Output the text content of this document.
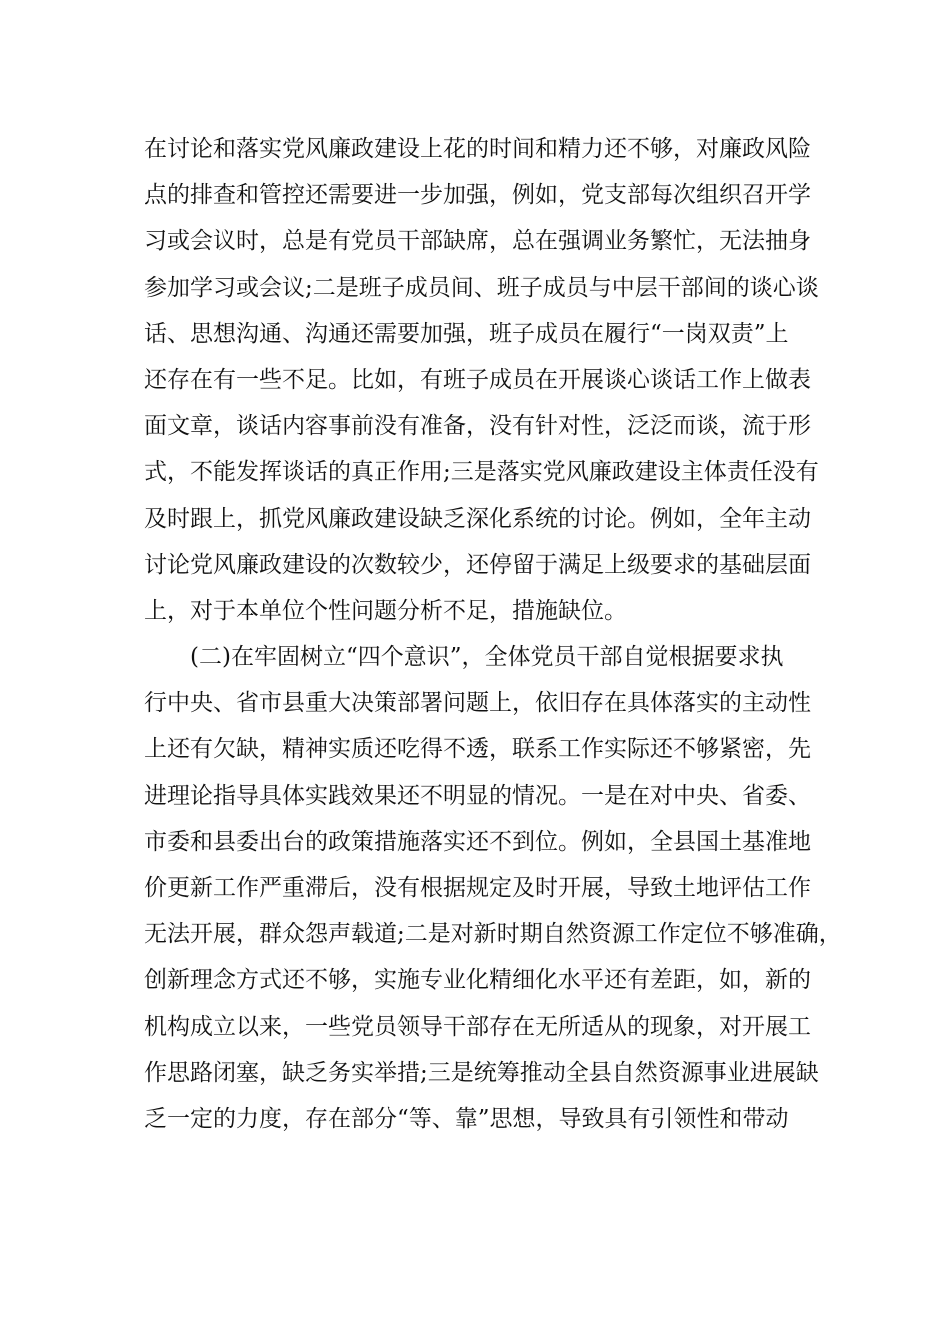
在讨论和落实党风廉政建设上花的时间和精力还不够，对廉政风险
点的排查和管控还需要进一步加强，例如，党支部每次组织召开学
习或会议时，总是有党员干部缺席，总在强调业务繁忙，无法抽身
参加学习或会议;二是班子成员间、班子成员与中层干部间的谈心谈
话、思想沟通、沟通还需要加强，班子成员在履行“一岗双责”上
还存在有一些不足。比如，有班子成员在开展谈心谈话工作上做表
面文章，谈话内容事前没有准备，没有针对性，泛泛而谈，流于形
式，不能发挥谈话的真正作用;三是落实党风廉政建设主体责任没有
及时跟上，抓党风廉政建设缺乏深化系统的讨论。例如，全年主动
讨论党风廉政建设的次数较少，还停留于满足上级要求的基础层面
上，对于本单位个性问题分析不足，措施缺位。
(二)在牢固树立“四个意识”，全体党员干部自觉根据要求执
行中央、省市县重大决策部署问题上，依旧存在具体落实的主动性
上还有欠缺，精神实质还吃得不透，联系工作实际还不够紧密，先
进理论指导具体实践效果还不明显的情况。一是在对中央、省委、
市委和县委出台的政策措施落实还不到位。例如，全县国土基准地
价更新工作严重滞后，没有根据规定及时开展，导致土地评估工作
无法开展，群众怨声载道;二是对新时期自然资源工作定位不够准确，
创新理念方式还不够，实施专业化精细化水平还有差距，如，新的
机构成立以来，一些党员领导干部存在无所适从的现象，对开展工
作思路闭塞，缺乏务实举措;三是统筹推动全县自然资源事业进展缺
乏一定的力度，存在部分“等、靠”思想，导致具有引领性和带动
